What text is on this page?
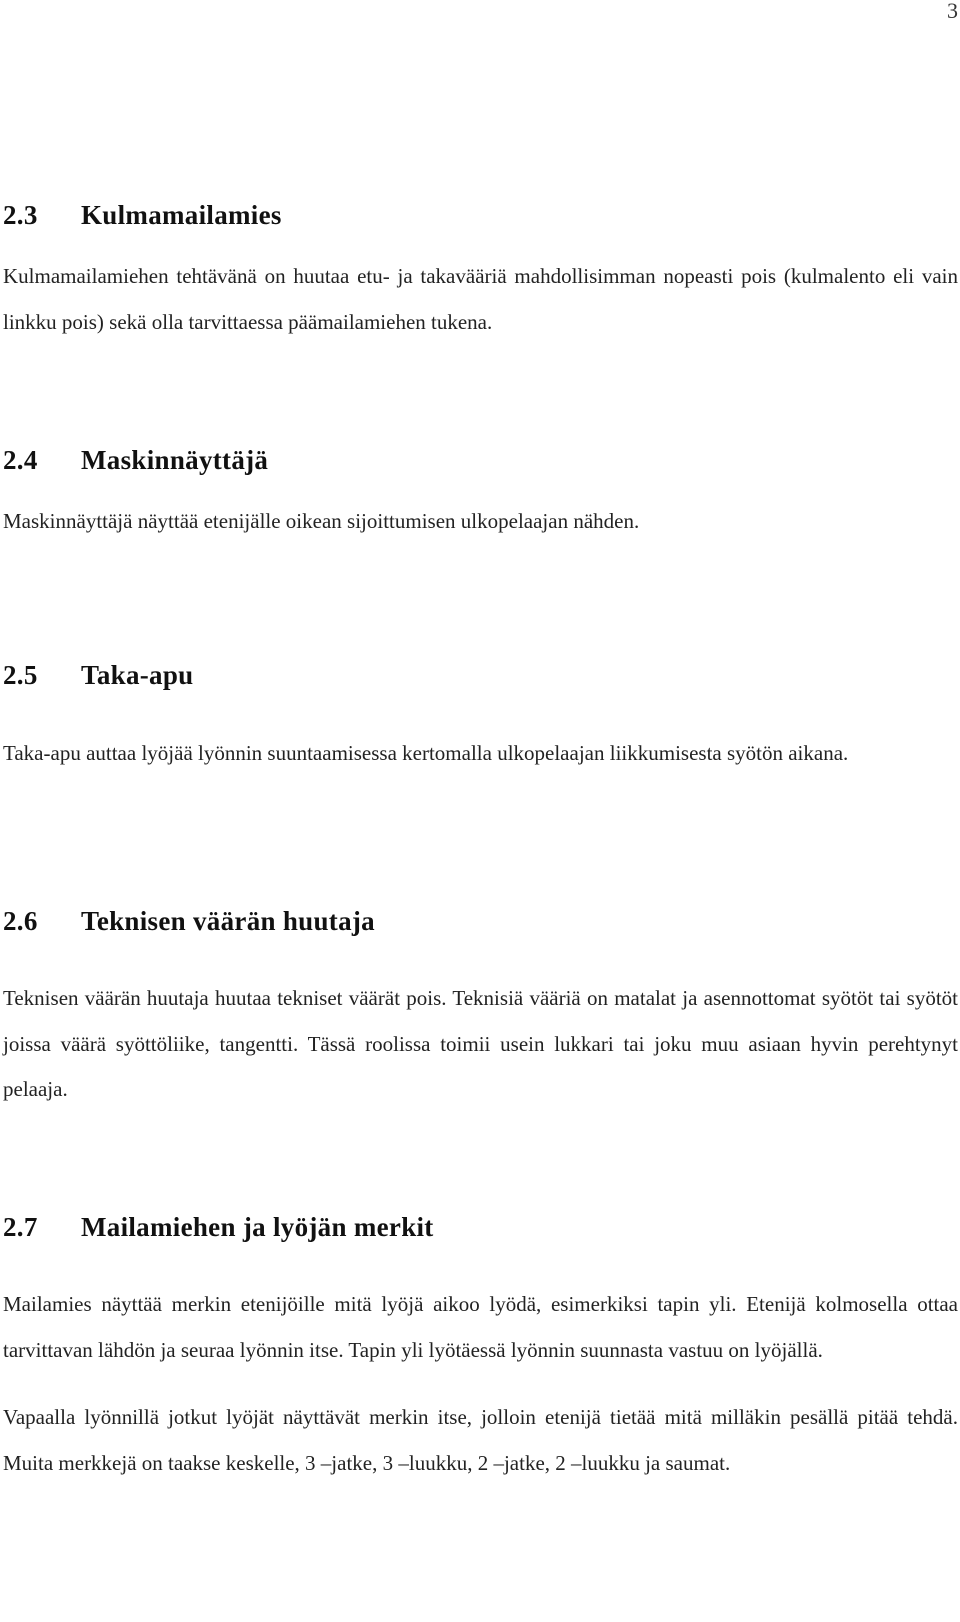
3
2.3 Kulmamailamies

Kulmamailamiehen tehtävänä on huutaa etu- ja takavääriä mahdollisimman nopeasti pois (kulmalento eli vain linkku pois) sekä olla tarvittaessa päämailamiehen tukena.

2.4 Maskinnäyttäjä

Maskinnäyttäjä näyttää etenijälle oikean sijoittumisen ulkopelaajan nähden.

2.5 Taka-apu

Taka-apu auttaa lyöjää lyönnin suuntaamisessa kertomalla ulkopelaajan liikkumisesta syötön aikana.

2.6 Teknisen väärän huutaja

Teknisen väärän huutaja huutaa tekniset väärät pois. Teknisiä vääriä on matalat ja asennottomat syötöt tai syötöt joissa väärä syöttöliike, tangentti. Tässä roolissa toimii usein lukkari tai joku muu asiaan hyvin perehtynyt pelaaja.

2.7 Mailamiehen ja lyöjän merkit

Mailamies näyttää merkin etenijöille mitä lyöjä aikoo lyödä, esimerkiksi tapin yli. Etenijä kolmosella ottaa tarvittavan lähdön ja seuraa lyönnin itse. Tapin yli lyötäessä lyönnin suunnasta vastuu on lyöjällä.

Vapaalla lyönnillä jotkut lyöjät näyttävät merkin itse, jolloin etenijä tietää mitä milläkin pesällä pitää tehdä. Muita merkkejä on taakse keskelle, 3 –jatke, 3 –luukku, 2 –jatke, 2 –luukku ja saumat.
